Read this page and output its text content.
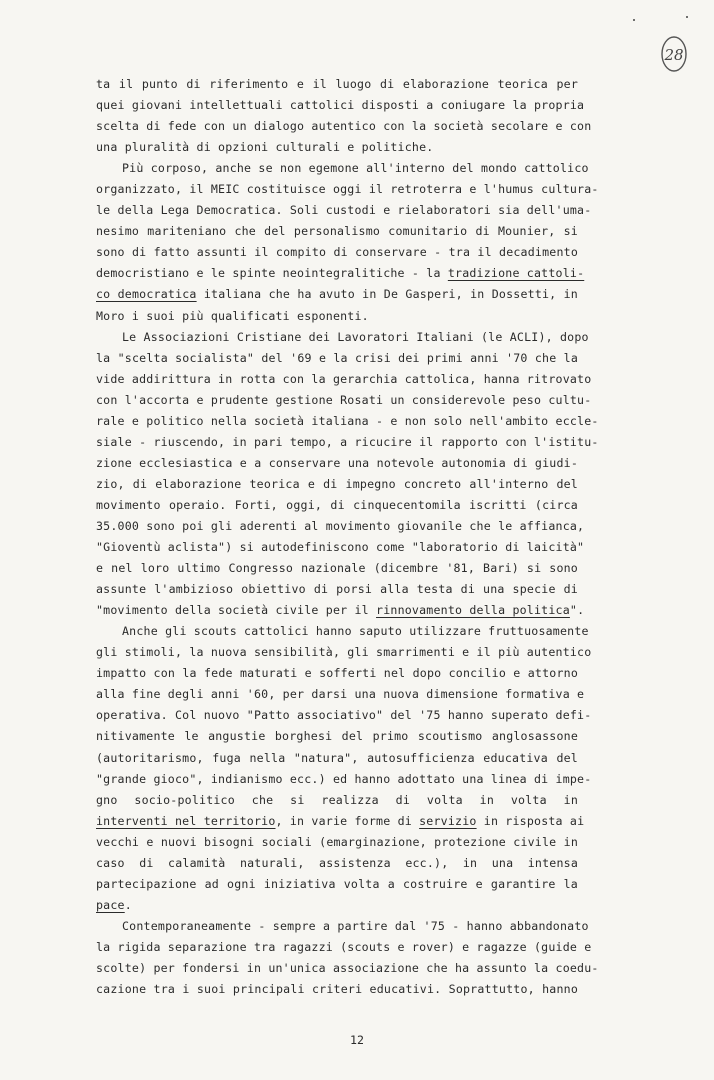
28
ta il punto di riferimento e il luogo di elaborazione teorica per
quei giovani intellettuali cattolici disposti a coniugare la propria
scelta di fede con un dialogo autentico con la società secolare e con
una pluralità di opzioni culturali e politiche.
Più corposo, anche se non egemone all'interno del mondo cattolico
organizzato, il MEIC costituisce oggi il retroterra e l'humus cultura-
le della Lega Democratica. Soli custodi e rielaboratori sia dell'uma-
nesimo mariteniano che del personalismo comunitario di Mounier, si
sono di fatto assunti il compito di conservare - tra il decadimento
democristiano e le spinte neointegralitiche - la tradizione cattoli-
co democratica italiana che ha avuto in De Gasperi, in Dossetti, in
Moro i suoi più qualificati esponenti.
Le Associazioni Cristiane dei Lavoratori Italiani (le ACLI), dopo
la "scelta socialista" del '69 e la crisi dei primi anni '70 che la
vide addirittura in rotta con la gerarchia cattolica, hanna ritrovato
con l'accorta e prudente gestione Rosati un considerevole peso cultu-
rale e politico nella società italiana - e non solo nell'ambito eccle-
siale - riuscendo, in pari tempo, a ricucire il rapporto con l'istitu-
zione ecclesiastica e a conservare una notevole autonomia di giudi-
zio, di elaborazione teorica e di impegno concreto all'interno del
movimento operaio. Forti, oggi, di cinquecentomila iscritti (circa
35.000 sono poi gli aderenti al movimento giovanile che le affianca,
"Gioventù aclista") si autodefiniscono come "laboratorio di laicità"
e nel loro ultimo Congresso nazionale (dicembre '81, Bari) si sono
assunte l'ambizioso obiettivo di porsi alla testa di una specie di
"movimento della società civile per il rinnovamento della politica".
Anche gli scouts cattolici hanno saputo utilizzare fruttuosamente
gli stimoli, la nuova sensibilità, gli smarrimenti e il più autentico
impatto con la fede maturati e sofferti nel dopo concilio e attorno
alla fine degli anni '60, per darsi una nuova dimensione formativa e
operativa. Col nuovo "Patto associativo" del '75 hanno superato defi-
nitivamente le angustie borghesi del primo scoutismo anglosassone
(autoritarismo, fuga nella "natura", autosufficienza educativa del
"grande gioco", indianismo ecc.) ed hanno adottato una linea di impe-
gno socio-politico che si realizza di volta in volta in
interventi nel territorio, in varie forme di servizio in risposta ai
vecchi e nuovi bisogni sociali (emarginazione, protezione civile in
caso di calamità naturali, assistenza ecc.), in una intensa
partecipazione ad ogni iniziativa volta a costruire e garantire la
pace.
Contemporaneamente - sempre a partire dal '75 - hanno abbandonato
la rigida separazione tra ragazzi (scouts e rover) e ragazze (guide e
scolte) per fondersi in un'unica associazione che ha assunto la coedu-
cazione tra i suoi principali criteri educativi. Soprattutto, hanno
12
